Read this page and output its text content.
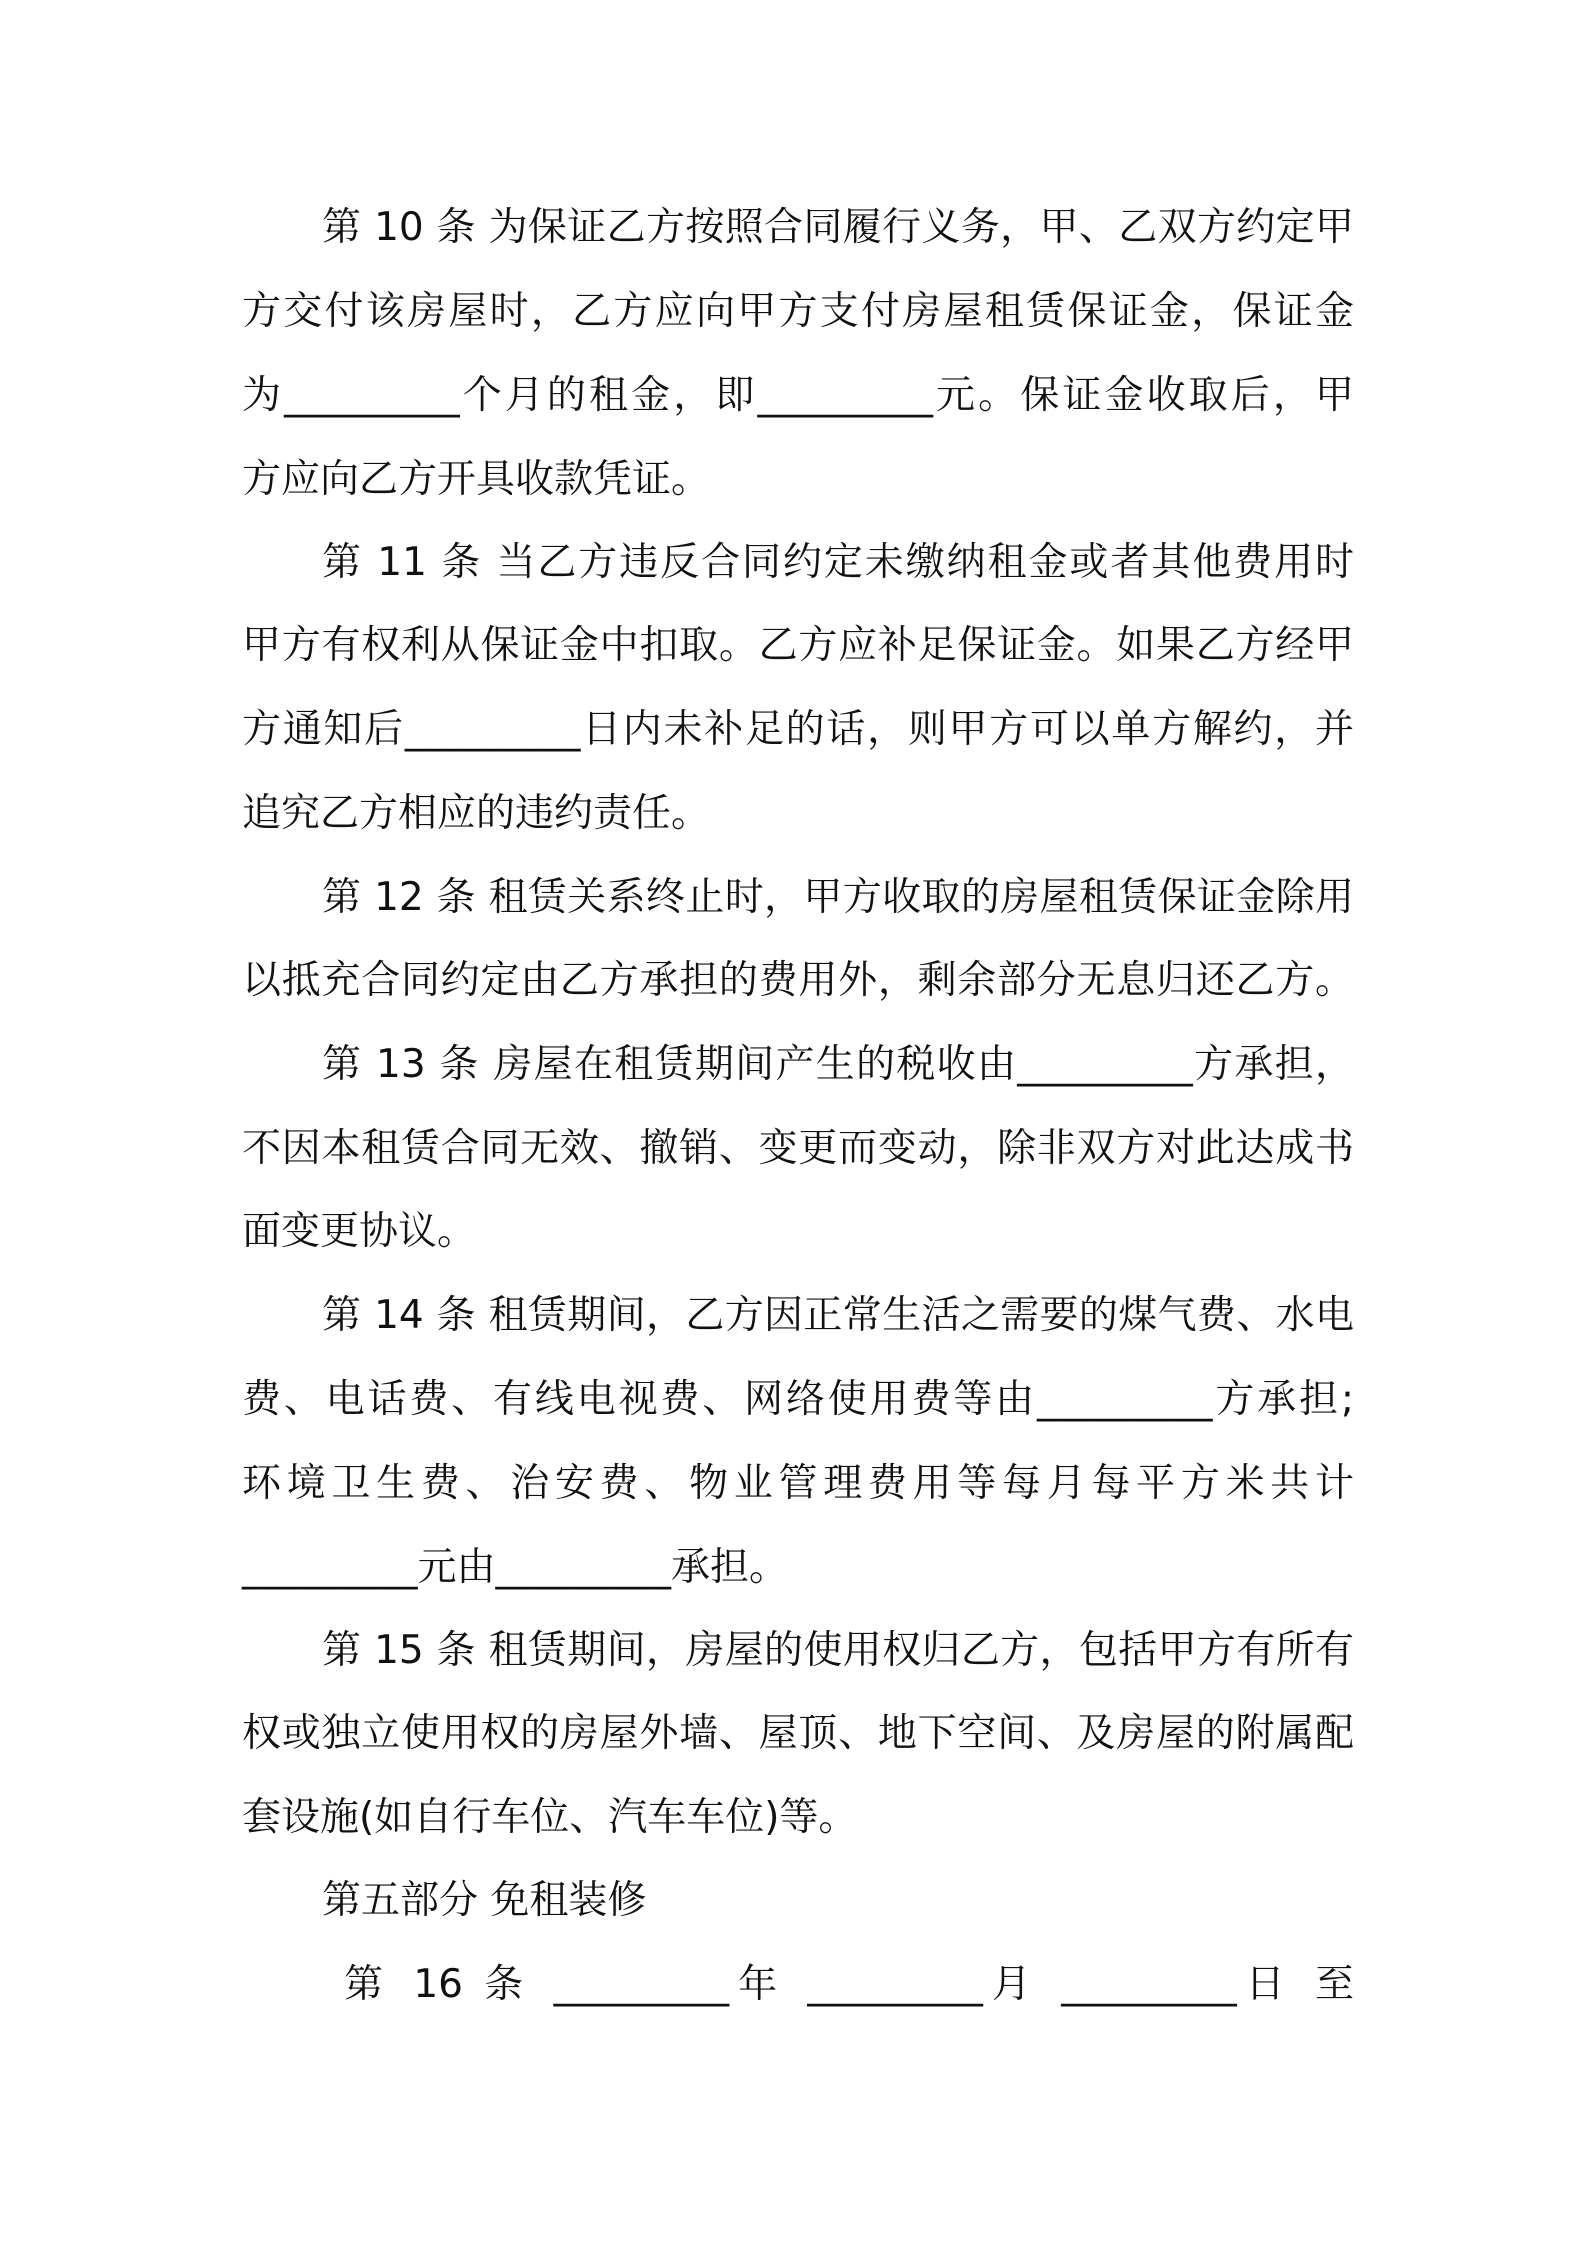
第 10 条 为保证乙方按照合同履行义务，甲、乙双方约定甲
方交付该房屋时，乙方应向甲方支付房屋租赁保证金，保证金
为_________个月的租金，即_________元。保证金收取后，甲
方应向乙方开具收款凭证。
第 11 条 当乙方违反合同约定未缴纳租金或者其他费用时
甲方有权利从保证金中扣取。乙方应补足保证金。如果乙方经甲
方通知后_________日内未补足的话，则甲方可以单方解约，并
追究乙方相应的违约责任。
第 12 条 租赁关系终止时，甲方收取的房屋租赁保证金除用
以抵充合同约定由乙方承担的费用外，剩余部分无息归还乙方。
第 13 条 房屋在租赁期间产生的税收由_________方承担，
不因本租赁合同无效、撤销、变更而变动，除非双方对此达成书
面变更协议。
第 14 条 租赁期间，乙方因正常生活之需要的煤气费、水电
费、电话费、有线电视费、网络使用费等由_________方承担;
环境卫生费、治安费、物业管理费用等每月每平方米共计
_________元由_________承担。
第 15 条 租赁期间，房屋的使用权归乙方，包括甲方有所有
权或独立使用权的房屋外墙、屋顶、地下空间、及房屋的附属配
套设施(如自行车位、汽车车位)等。
第五部分 免租装修
第 16 条 _________年 _________月 _________日 至
